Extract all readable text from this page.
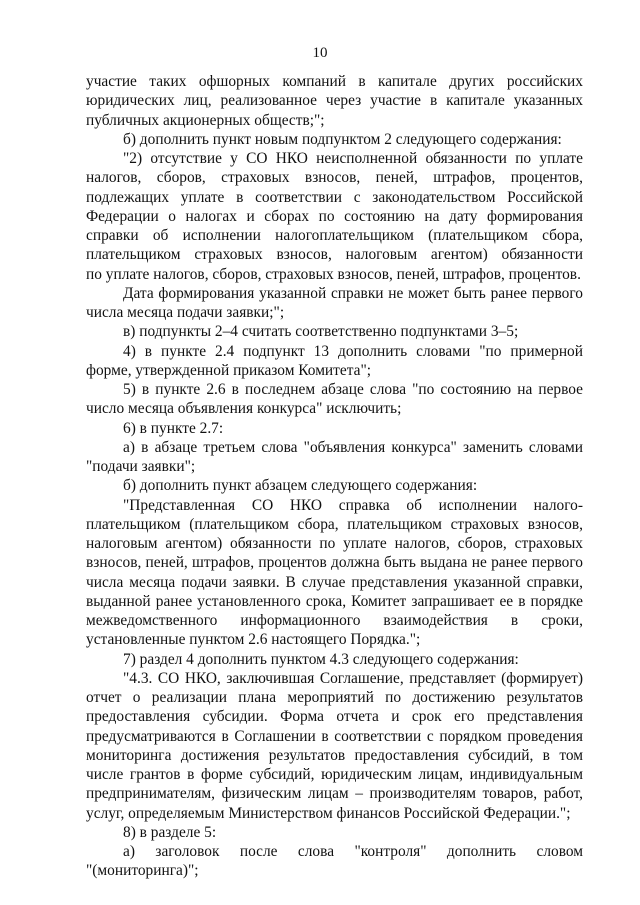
10

участие таких офшорных компаний в капитале других российских

юридических лиц, реализованное через участие в капитале указанных

публичных акционерных обществ;";

б) дополнить пункт новым подпунктом 2 следующего содержания:

"2) отсутствие у СО НКО неисполненной обязанности по уплате

налогов, сборов, страховых взносов, пеней, штрафов, процентов,

подлежащих уплате в соответствии с законодательством Российской

Федерации о налогах и сборах по состоянию на дату формирования

справки об исполнении налогоплательщиком (плательщиком сбора,

плательщиком страховых взносов, налоговым агентом) обязанности

по уплате налогов, сборов, страховых взносов, пеней, штрафов, процентов.

Дата формирования указанной справки не может быть ранее первого

числа месяца подачи заявки;";

в) подпункты 2–4 считать соответственно подпунктами 3–5;

4) в пункте 2.4 подпункт 13 дополнить словами "по примерной

форме, утвержденной приказом Комитета";

5) в пункте 2.6 в последнем абзаце слова "по состоянию на первое

число месяца объявления конкурса" исключить;

6) в пункте 2.7:

а) в абзаце третьем слова "объявления конкурса" заменить словами

"подачи заявки";

б) дополнить пункт абзацем следующего содержания:

"Представленная СО НКО справка об исполнении налого-

плательщиком (плательщиком сбора, плательщиком страховых взносов,

налоговым агентом) обязанности по уплате налогов, сборов, страховых

взносов, пеней, штрафов, процентов должна быть выдана не ранее первого

числа месяца подачи заявки. В случае представления указанной справки,

выданной ранее установленного срока, Комитет запрашивает ее в порядке

межведомственного информационного взаимодействия в сроки,

установленные пунктом 2.6 настоящего Порядка.";

7) раздел 4 дополнить пунктом 4.3 следующего содержания:

"4.3. СО НКО, заключившая Соглашение, представляет (формирует)

отчет о реализации плана мероприятий по достижению результатов

предоставления субсидии. Форма отчета и срок его представления

предусматриваются в Соглашении в соответствии с порядком проведения

мониторинга достижения результатов предоставления субсидий, в том

числе грантов в форме субсидий, юридическим лицам, индивидуальным

предпринимателям, физическим лицам – производителям товаров, работ,

услуг, определяемым Министерством финансов Российской Федерации.";

8) в разделе 5:

а) заголовок после слова "контроля" дополнить словом

"(мониторинга)";
